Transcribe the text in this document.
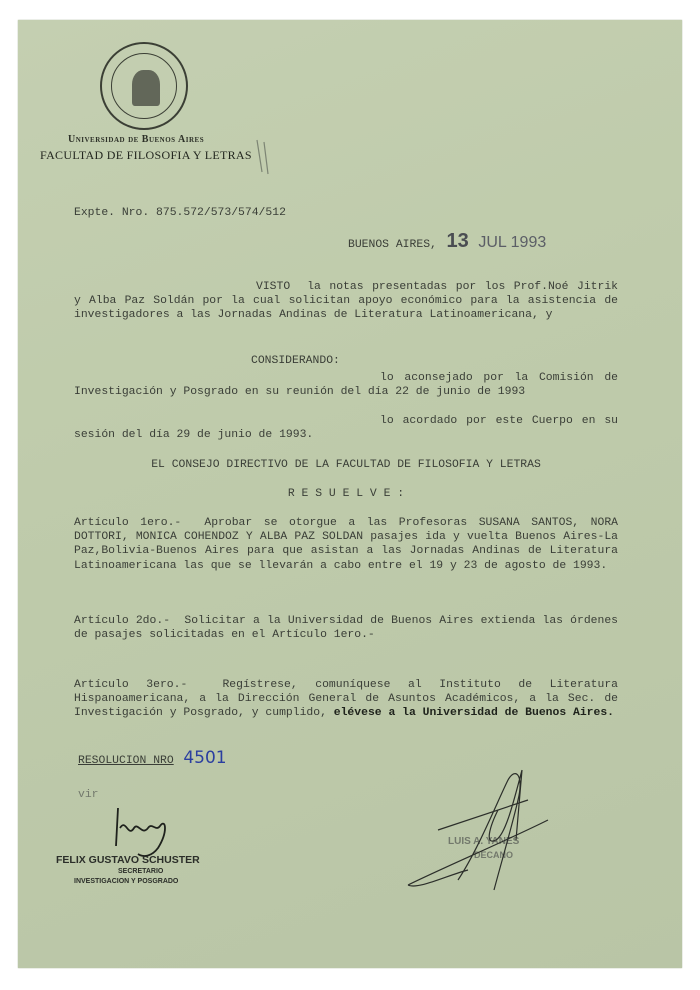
Universidad de Buenos Aires
FACULTAD DE FILOSOFIA Y LETRAS
Expte. Nro. 875.572/573/574/512
BUENOS AIRES, 13 JUL 1993
VISTO la notas presentadas por los Prof.Noé Jitrik y Alba Paz Soldán por la cual solicitan apoyo económico para la asistencia de investigadores a las Jornadas Andinas de Literatura Latinoamericana, y
CONSIDERANDO:
lo aconsejado por la Comisión de Investigación y Posgrado en su reunión del día 22 de junio de 1993
lo acordado por este Cuerpo en su sesión del día 29 de junio de 1993.
EL CONSEJO DIRECTIVO DE LA FACULTAD DE FILOSOFIA Y LETRAS
R E S U E L V E :
Artículo 1ero.- Aprobar se otorgue a las Profesoras SUSANA SANTOS, NORA DOTTORI, MONICA COHENDOZ Y ALBA PAZ SOLDAN pasajes ida y vuelta Buenos Aires-La Paz,Bolivia-Buenos Aires para que asistan a las Jornadas Andinas de Literatura Latinoamericana las que se llevarán a cabo entre el 19 y 23 de agosto de 1993.
Artículo 2do.- Solicitar a la Universidad de Buenos Aires extienda las órdenes de pasajes solicitadas en el Artículo 1ero.-
Artículo 3ero.-	Regístrese, comuníquese al Instituto de Literatura Hispanoamericana, a la Dirección General de Asuntos Académicos, a la Sec. de Investigación y Posgrado, y cumplido, elévese a la Universidad de Buenos Aires.
RESOLUCION NRO 4501
vir
FELIX GUSTAVO SCHUSTER
SECRETARIO
INVESTIGACION Y POSGRADO
LUIS A. YANES
DECANO
